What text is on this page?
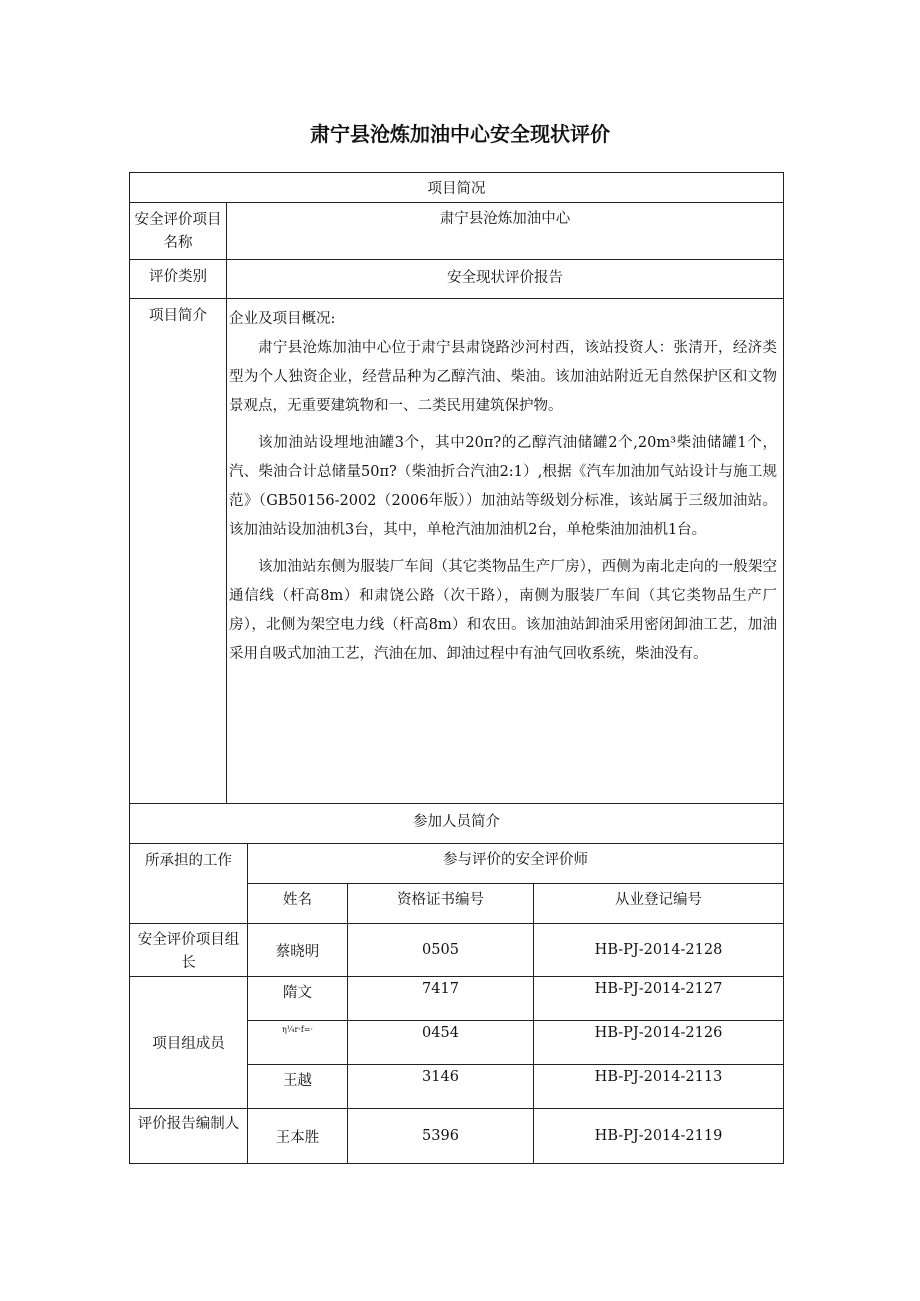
肃宁县沧炼加油中心安全现状评价
项目简况	
安全评价项目名称	肃宁县沧炼加油中心
评价类别	安全现状评价报告
项目简介	企业及项目概况:

肃宁县沧炼加油中心位于肃宁县肃饶路沙河村西，该站投资人：张清开，经济类型为个人独资企业，经营品种为乙醇汽油、柴油。该加油站附近无自然保护区和文物景观点，无重要建筑物和一、二类民用建筑保护物。

该加油站设埋地油罐3个，其中20π?的乙醇汽油储罐2个,20m³柴油储罐1个，汽、柴油合计总储量50π?（柴油折合汽油2:1）,根据《汽车加油加气站设计与施工规范》（GB50156-2002（2006年版））加油站等级划分标准，该站属于三级加油站。该加油站设加油机3台，其中，单枪汽油加油机2台，单枪柴油加油机1台。

该加油站东侧为服装厂车间（其它类物品生产厂房），西侧为南北走向的一般架空通信线（杆高8m）和肃饶公路（次干路），南侧为服装厂车间（其它类物品生产厂房），北侧为架空电力线（杆高8m）和农田。该加油站卸油采用密闭卸油工艺，加油采用自吸式加油工艺，汽油在加、卸油过程中有油气回收系统，柴油没有。

参加人员简介			
所承担的工作	参与评价的安全评价师		
	姓名	资格证书编号	从业登记编号
安全评价项目组长	蔡晓明	0505	HB-PJ-2014-2128
项目组成员	隋文	7417	HB-PJ-2014-2127
	η¼r·f=·	0454	HB-PJ-2014-2126
	王越	3146	HB-PJ-2014-2113
评价报告编制人	王本胜	5396	HB-PJ-2014-2119
